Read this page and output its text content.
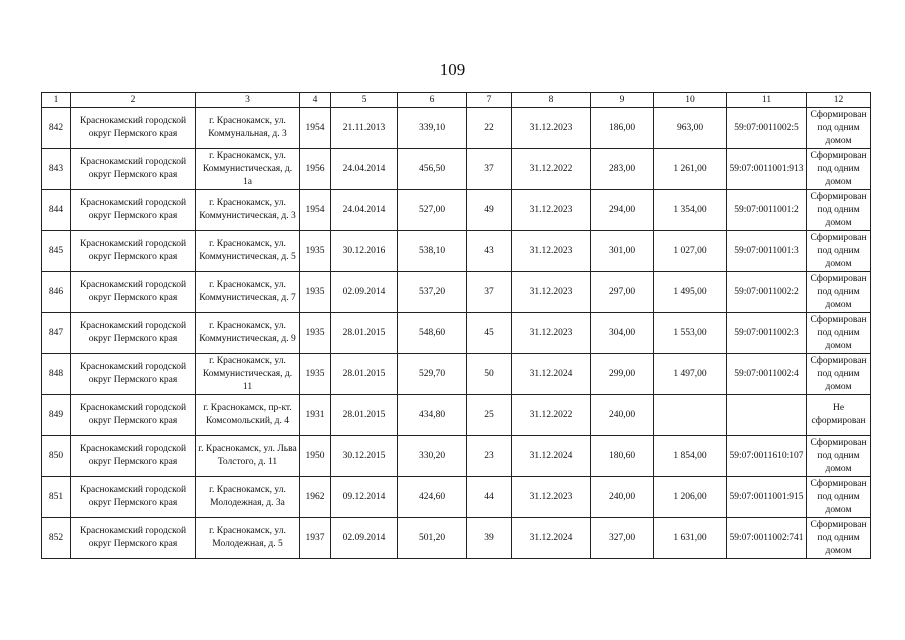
109
1	2	3	4	5	6	7	8	9	10	11	12
842	Краснокамский городской округ Пермского края	г. Краснокамск, ул. Коммунальная, д. 3	1954	21.11.2013	339,10	22	31.12.2023	186,00	963,00	59:07:0011002:5	Сформирован под одним домом
843	Краснокамский городской округ Пермского края	г. Краснокамск, ул. Коммунистическая, д. 1а	1956	24.04.2014	456,50	37	31.12.2022	283,00	1 261,00	59:07:0011001:913	Сформирован под одним домом
844	Краснокамский городской округ Пермского края	г. Краснокамск, ул. Коммунистическая, д. 3	1954	24.04.2014	527,00	49	31.12.2023	294,00	1 354,00	59:07:0011001:2	Сформирован под одним домом
845	Краснокамский городской округ Пермского края	г. Краснокамск, ул. Коммунистическая, д. 5	1935	30.12.2016	538,10	43	31.12.2023	301,00	1 027,00	59:07:0011001:3	Сформирован под одним домом
846	Краснокамский городской округ Пермского края	г. Краснокамск, ул. Коммунистическая, д. 7	1935	02.09.2014	537,20	37	31.12.2023	297,00	1 495,00	59:07:0011002:2	Сформирован под одним домом
847	Краснокамский городской округ Пермского края	г. Краснокамск, ул. Коммунистическая, д. 9	1935	28.01.2015	548,60	45	31.12.2023	304,00	1 553,00	59:07:0011002:3	Сформирован под одним домом
848	Краснокамский городской округ Пермского края	г. Краснокамск, ул. Коммунистическая, д. 11	1935	28.01.2015	529,70	50	31.12.2024	299,00	1 497,00	59:07:0011002:4	Сформирован под одним домом
849	Краснокамский городской округ Пермского края	г. Краснокамск, пр-кт. Комсомольский, д. 4	1931	28.01.2015	434,80	25	31.12.2022	240,00			Не сформирован
850	Краснокамский городской округ Пермского края	г. Краснокамск, ул. Льва Толстого, д. 11	1950	30.12.2015	330,20	23	31.12.2024	180,60	1 854,00	59:07:0011610:107	Сформирован под одним домом
851	Краснокамский городской округ Пермского края	г. Краснокамск, ул. Молодежная, д. 3а	1962	09.12.2014	424,60	44	31.12.2023	240,00	1 206,00	59:07:0011001:915	Сформирован под одним домом
852	Краснокамский городской округ Пермского края	г. Краснокамск, ул. Молодежная, д. 5	1937	02.09.2014	501,20	39	31.12.2024	327,00	1 631,00	59:07:0011002:741	Сформирован под одним домом
